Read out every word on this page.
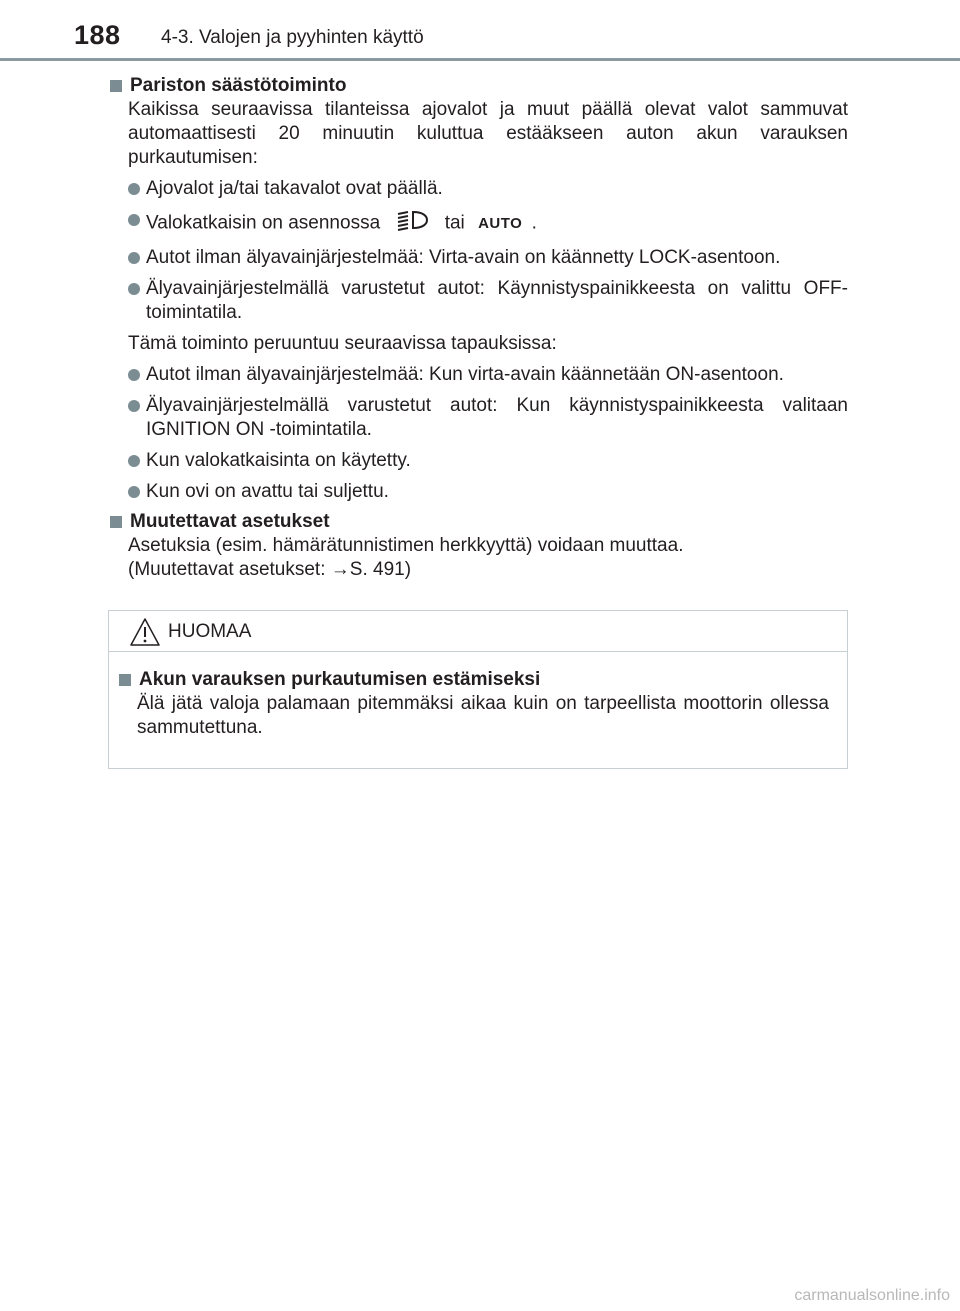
188 4-3. Valojen ja pyyhinten käyttö
Pariston säästötoiminto
Kaikissa seuraavissa tilanteissa ajovalot ja muut päällä olevat valot sammuvat automaattisesti 20 minuutin kuluttua estääkseen auton akun varauksen purkautumisen:
Ajovalot ja/tai takavalot ovat päällä.
Valokatkaisin on asennossa	tai AUTO .
Autot ilman älyavainjärjestelmää: Virta-avain on käännetty LOCK-asentoon.
Älyavainjärjestelmällä varustetut autot: Käynnistyspainikkeesta on valittu OFF-toimintatila.
Tämä toiminto peruuntuu seuraavissa tapauksissa:
Autot ilman älyavainjärjestelmää: Kun virta-avain käännetään ON-asentoon.
Älyavainjärjestelmällä varustetut autot: Kun käynnistyspainikkeesta valitaan IGNITION ON -toimintatila.
Kun valokatkaisinta on käytetty.
Kun ovi on avattu tai suljettu.
Muutettavat asetukset
Asetuksia (esim. hämärätunnistimen herkkyyttä) voidaan muuttaa.
(Muutettavat asetukset: →S. 491)
HUOMAA
Akun varauksen purkautumisen estämiseksi
Älä jätä valoja palamaan pitemmäksi aikaa kuin on tarpeellista moottorin ollessa sammutettuna.
carmanualsonline.info
